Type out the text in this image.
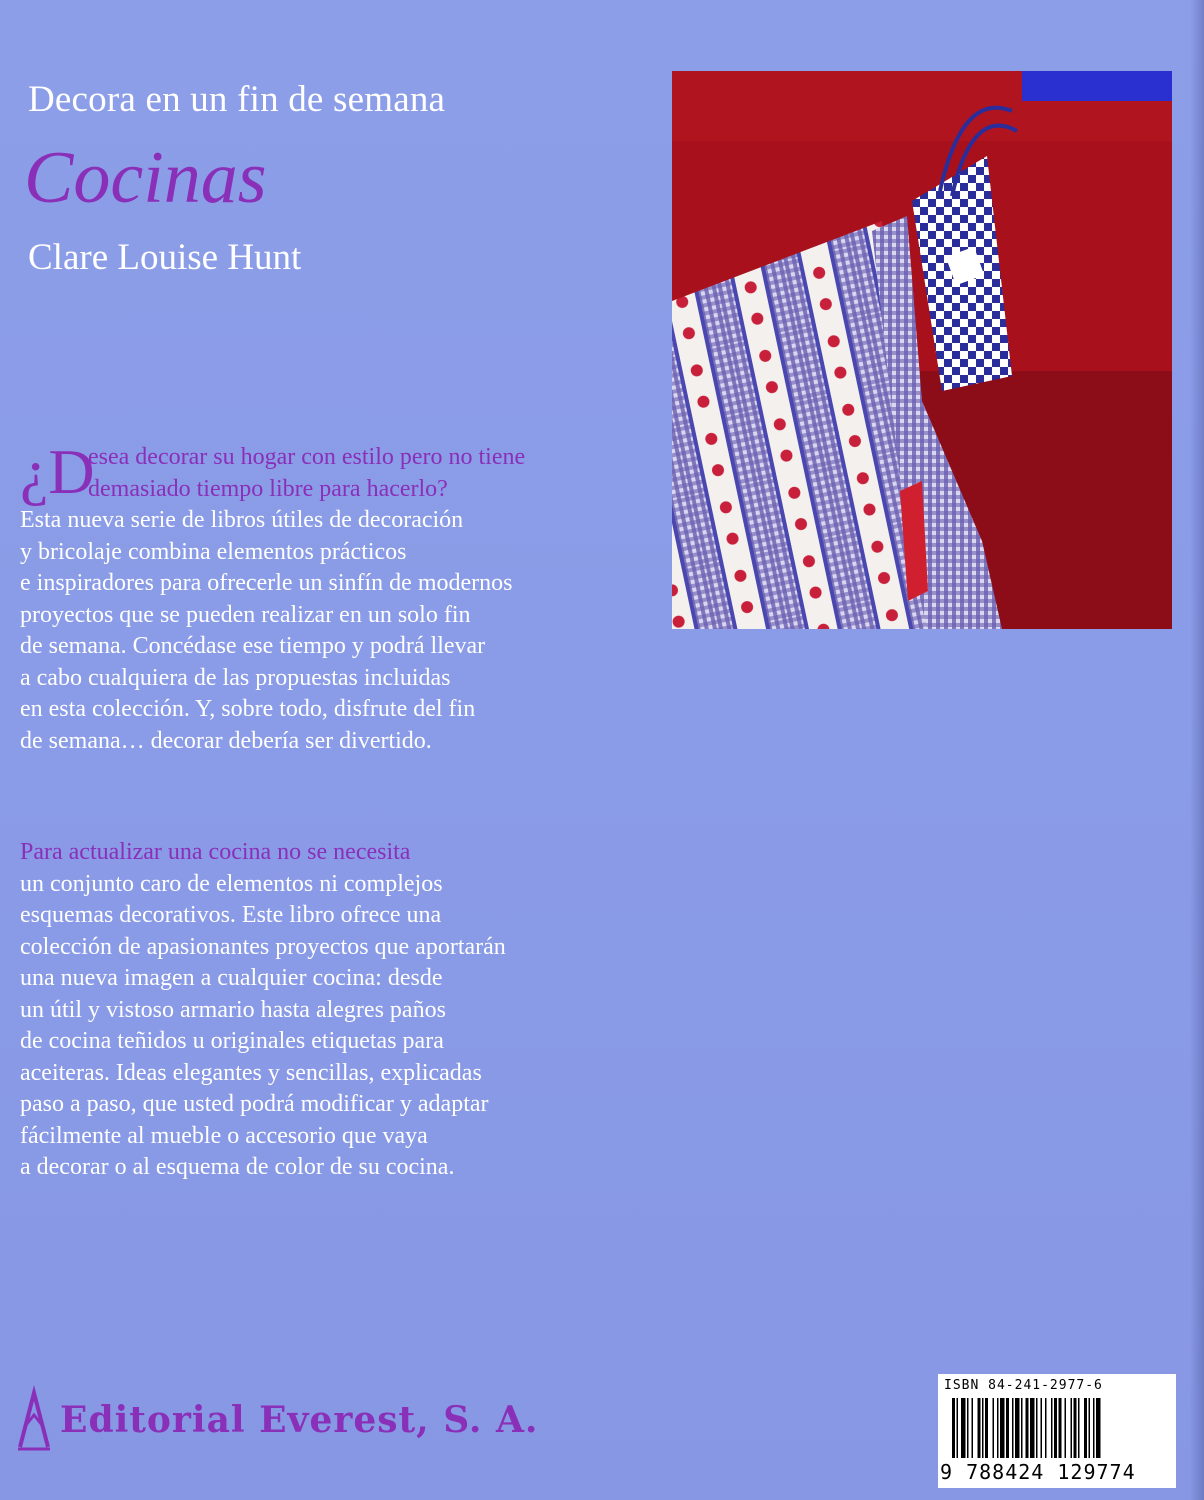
Decora en un fin de semana
Cocinas
Clare Louise Hunt
¿D
esea decorar su hogar con estilo pero no tiene
demasiado tiempo libre para hacerlo?
Esta nueva serie de libros útiles de decoración
y bricolaje combina elementos prácticos
e inspiradores para ofrecerle un sinfín de modernos
proyectos que se pueden realizar en un solo fin
de semana. Concédase ese tiempo y podrá llevar
a cabo cualquiera de las propuestas incluidas
en esta colección. Y, sobre todo, disfrute del fin
de semana… decorar debería ser divertido.
Para actualizar una cocina no se necesita
un conjunto caro de elementos ni complejos
esquemas decorativos. Este libro ofrece una
colección de apasionantes proyectos que aportarán
una nueva imagen a cualquier cocina: desde
un útil y vistoso armario hasta alegres paños
de cocina teñidos u originales etiquetas para
aceiteras. Ideas elegantes y sencillas, explicadas
paso a paso, que usted podrá modificar y adaptar
fácilmente al mueble o accesorio que vaya
a decorar o al esquema de color de su cocina.
Editorial Everest, S. A.
ISBN 84-241-2977-6
9 788424 129774
